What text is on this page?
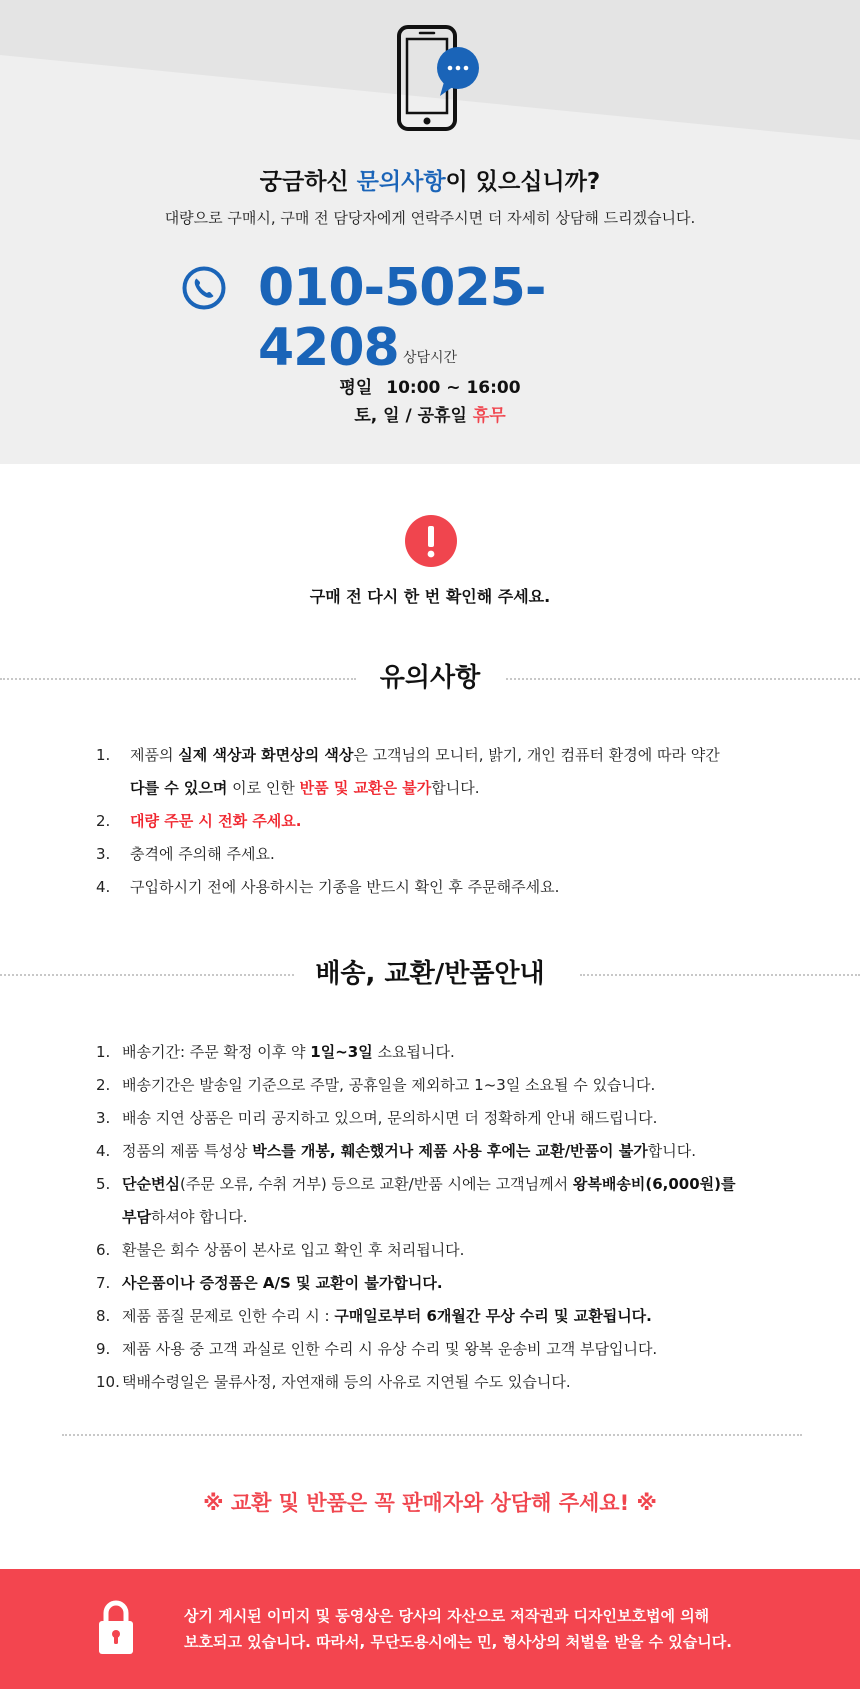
궁금하신 문의사항이 있으십니까?

대량으로 구매시, 구매 전 담당자에게 연락주시면 더 자세히 상담해 드리겠습니다.

010-5025-4208 상담시간
평일 10:00 ~ 16:00
토, 일 / 공휴일 휴무

구매 전 다시 한 번 확인해 주세요.

유의사항
1. 제품의 실제 색상과 화면상의 색상은 고객님의 모니터, 밝기, 개인 컴퓨터 환경에 따라 약간
다를 수 있으며 이로 인한 반품 및 교환은 불가합니다.
2. 대량 주문 시 전화 주세요.
3. 충격에 주의해 주세요.
4. 구입하시기 전에 사용하시는 기종을 반드시 확인 후 주문해주세요.
배송, 교환/반품안내
1. 배송기간: 주문 확정 이후 약 1일~3일 소요됩니다.
2. 배송기간은 발송일 기준으로 주말, 공휴일을 제외하고 1~3일 소요될 수 있습니다.
3. 배송 지연 상품은 미리 공지하고 있으며, 문의하시면 더 정확하게 안내 해드립니다.
4. 정품의 제품 특성상 박스를 개봉, 훼손했거나 제품 사용 후에는 교환/반품이 불가합니다.
5. 단순변심(주문 오류, 수취 거부) 등으로 교환/반품 시에는 고객님께서 왕복배송비(6,000원)를
부담하셔야 합니다.
6. 환불은 회수 상품이 본사로 입고 확인 후 처리됩니다.
7. 사은품이나 증정품은 A/S 및 교환이 불가합니다.
8. 제품 품질 문제로 인한 수리 시 : 구매일로부터 6개월간 무상 수리 및 교환됩니다.
9. 제품 사용 중 고객 과실로 인한 수리 시 유상 수리 및 왕복 운송비 고객 부담입니다.
10. 택배수령일은 물류사정, 자연재해 등의 사유로 지연될 수도 있습니다.

※ 교환 및 반품은 꼭 판매자와 상담해 주세요! ※

상기 게시된 이미지 및 동영상은 당사의 자산으로 저작권과 디자인보호법에 의해
보호되고 있습니다. 따라서, 무단도용시에는 민, 형사상의 처벌을 받을 수 있습니다.
